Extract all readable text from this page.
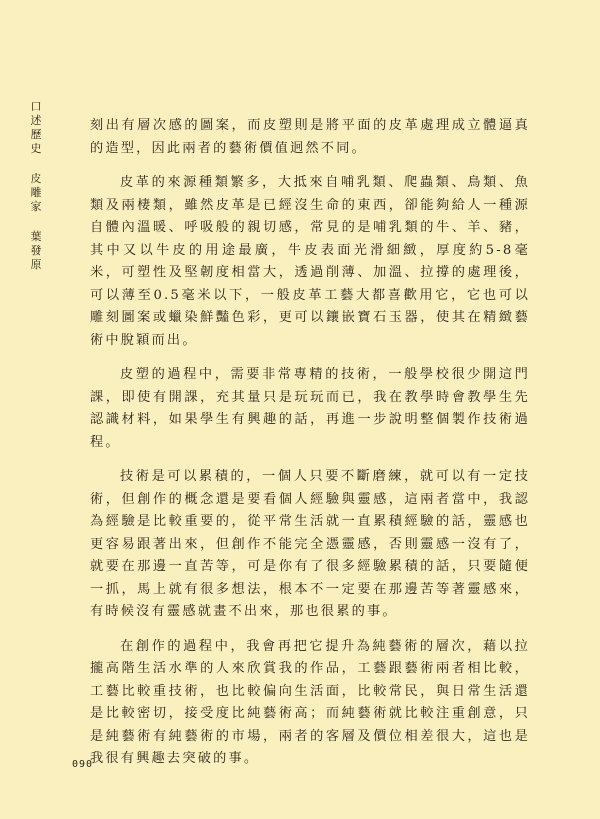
口
述
歷
史
皮
雕
家
葉
發
原

刻出有層次感的圖案，而皮塑則是將平面的皮革處理成立體逼真的造型，因此兩者的藝術價值迥然不同。

皮革的來源種類繁多，大抵來自哺乳類、爬蟲類、鳥類、魚類及兩棲類，雖然皮革是已經沒生命的東西，卻能夠給人一種源自體內溫暖、呼吸般的親切感，常見的是哺乳類的牛、羊、豬，其中又以牛皮的用途最廣，牛皮表面光滑細緻，厚度約5-8毫米，可塑性及堅韌度相當大，透過削薄、加溫、拉撐的處理後，可以薄至0.5毫米以下，一般皮革工藝大都喜歡用它，它也可以雕刻圖案或蠟染鮮豔色彩，更可以鑲嵌寶石玉器，使其在精緻藝術中脫穎而出。

皮塑的過程中，需要非常專精的技術，一般學校很少開這門課，即使有開課，充其量只是玩玩而已，我在教學時會教學生先認識材料，如果學生有興趣的話，再進一步說明整個製作技術過程。

技術是可以累積的，一個人只要不斷磨練，就可以有一定技術，但創作的概念還是要看個人經驗與靈感，這兩者當中，我認為經驗是比較重要的，從平常生活就一直累積經驗的話，靈感也更容易跟著出來，但創作不能完全憑靈感，否則靈感一沒有了，就要在那邊一直苦等，可是你有了很多經驗累積的話，只要隨便一抓，馬上就有很多想法，根本不一定要在那邊苦等著靈感來，有時候沒有靈感就畫不出來，那也很累的事。

在創作的過程中，我會再把它提升為純藝術的層次，藉以拉攏高階生活水準的人來欣賞我的作品，工藝跟藝術兩者相比較，工藝比較重技術，也比較偏向生活面，比較常民，與日常生活還是比較密切，接受度比純藝術高；而純藝術就比較注重創意，只是純藝術有純藝術的市場，兩者的客層及價位相差很大，這也是我很有興趣去突破的事。

090
